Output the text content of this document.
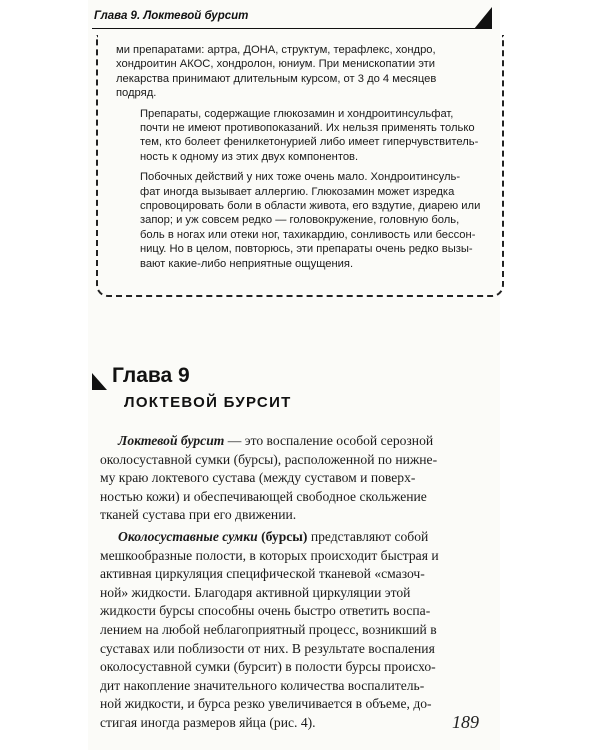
Глава 9. Локтевой бурсит
ми препаратами: артра, ДОНА, структум, терафлекс, хондро,
хондроитин АКОС, хондролон, юниум. При менископатии эти
лекарства принимают длительным курсом, от 3 до 4 месяцев
подряд.
Препараты, содержащие глюкозамин и хондроитинсульфат,
почти не имеют противопоказаний. Их нельзя применять только
тем, кто болеет фенилкетонурией либо имеет гиперчувствитель-
ность к одному из этих двух компонентов.
Побочных действий у них тоже очень мало. Хондроитинсуль-
фат иногда вызывает аллергию. Глюкозамин может изредка
спровоцировать боли в области живота, его вздутие, диарею или
запор; и уж совсем редко — головокружение, головную боль,
боль в ногах или отеки ног, тахикардию, сонливость или бессон-
ницу. Но в целом, повторюсь, эти препараты очень редко вызы-
вают какие-либо неприятные ощущения.
Глава 9
ЛОКТЕВОЙ БУРСИТ
Локтевой бурсит — это воспаление особой серозной
околосуставной сумки (бурсы), расположенной по нижне-
му краю локтевого сустава (между суставом и поверх-
ностью кожи) и обеспечивающей свободное скольжение
тканей сустава при его движении.
Околосуставные сумки (бурсы) представляют собой
мешкообразные полости, в которых происходит быстрая и
активная циркуляция специфической тканевой «смазоч-
ной» жидкости. Благодаря активной циркуляции этой
жидкости бурсы способны очень быстро ответить воспа-
лением на любой неблагоприятный процесс, возникший в
суставах или поблизости от них. В результате воспаления
околосуставной сумки (бурсит) в полости бурсы происхо-
дит накопление значительного количества воспалитель-
ной жидкости, и бурса резко увеличивается в объеме, до-
стигая иногда размеров яйца (рис. 4).	189
